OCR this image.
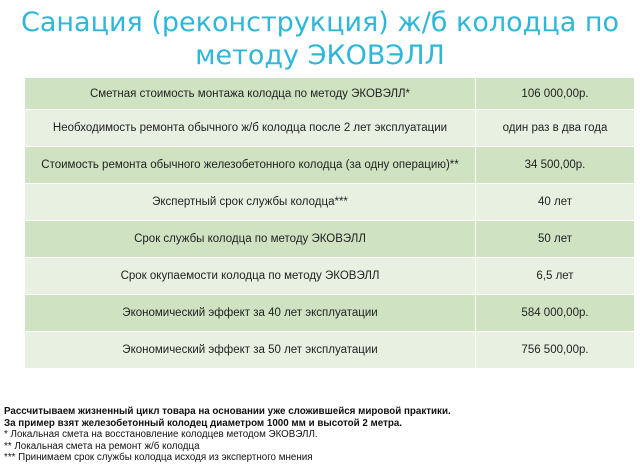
Санация (реконструкция) ж/б колодца по
методу ЭКОВЭЛЛ
Сметная стоимость монтажа колодца по методу ЭКОВЭЛЛ*	106 000,00р.
Необходимость ремонта обычного ж/б колодца после 2 лет эксплуатации	один раз в два года
Стоимость ремонта обычного железобетонного колодца (за одну операцию)**	34 500,00р.
Экспертный срок службы колодца***	40 лет
Срок службы колодца по методу ЭКОВЭЛЛ	50 лет
Срок окупаемости колодца по методу ЭКОВЭЛЛ	6,5 лет
Экономический эффект за 40 лет эксплуатации	584 000,00р.
Экономический эффект за 50 лет эксплуатации	756 500,00р.
Рассчитываем жизненный цикл товара на основании уже сложившейся мировой практики.
За пример взят железобетонный колодец диаметром 1000 мм и высотой 2 метра.
* Локальная смета на восстановление колодцев методом ЭКОВЭЛЛ.
** Локальная смета на ремонт ж/б колодца
*** Принимаем срок службы колодца исходя из экспертного мнения
